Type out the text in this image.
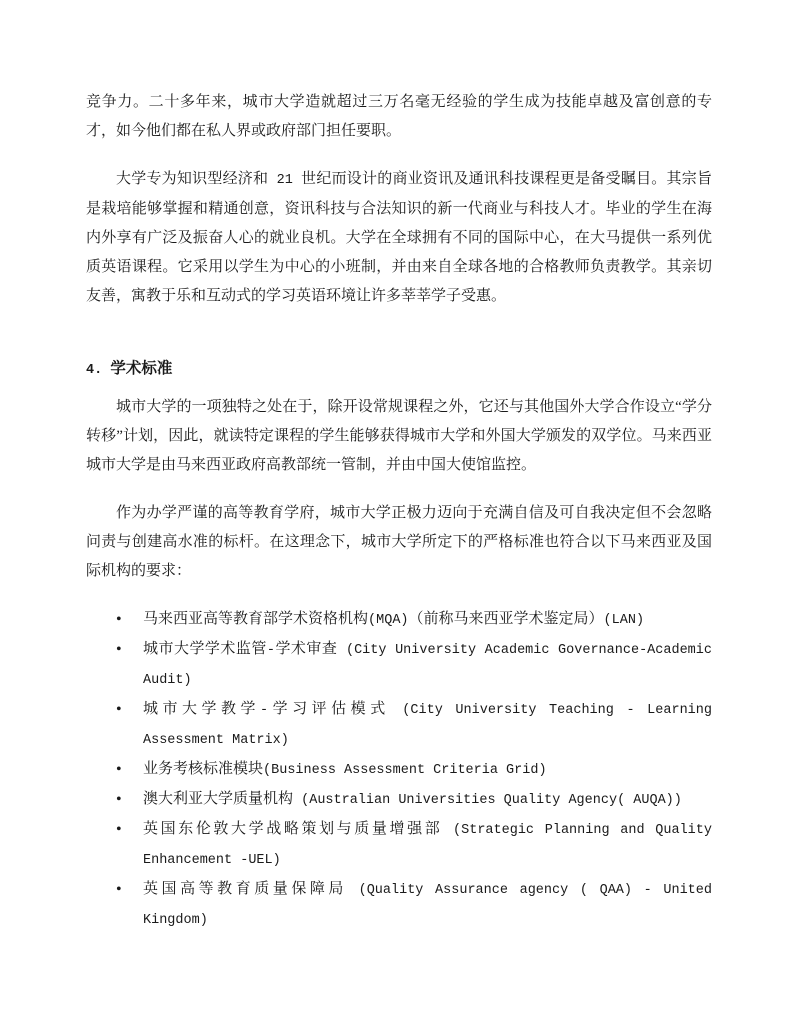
竞争力。二十多年来，城市大学造就超过三万名毫无经验的学生成为技能卓越及富创意的专才，如今他们都在私人界或政府部门担任要职。

大学专为知识型经济和 21 世纪而设计的商业资讯及通讯科技课程更是备受瞩目。其宗旨是栽培能够掌握和精通创意，资讯科技与合法知识的新一代商业与科技人才。毕业的学生在海内外享有广泛及振奋人心的就业良机。大学在全球拥有不同的国际中心，在大马提供一系列优质英语课程。它采用以学生为中心的小班制，并由来自全球各地的合格教师负责教学。其亲切友善，寓教于乐和互动式的学习英语环境让许多莘莘学子受惠。

4. 学术标准

城市大学的一项独特之处在于，除开设常规课程之外，它还与其他国外大学合作设立“学分转移”计划，因此，就读特定课程的学生能够获得城市大学和外国大学颁发的双学位。马来西亚城市大学是由马来西亚政府高教部统一管制，并由中国大使馆监控。

作为办学严谨的高等教育学府，城市大学正极力迈向于充满自信及可自我决定但不会忽略问责与创建高水准的标杆。在这理念下，城市大学所定下的严格标准也符合以下马来西亚及国际机构的要求：

• 马来西亚高等教育部学术资格机构(MQA)（前称马来西亚学术鉴定局）(LAN)
• 城市大学学术监管-学术审查 (City University Academic Governance-Academic Audit)
• 城市大学教学-学习评估模式 (City University Teaching - Learning Assessment Matrix)
• 业务考核标准模块(Business Assessment Criteria Grid)
• 澳大利亚大学质量机构 (Australian Universities Quality Agency( AUQA))
• 英国东伦敦大学战略策划与质量增强部 (Strategic Planning and Quality Enhancement -UEL)
• 英国高等教育质量保障局 (Quality Assurance agency ( QAA) - United Kingdom)
